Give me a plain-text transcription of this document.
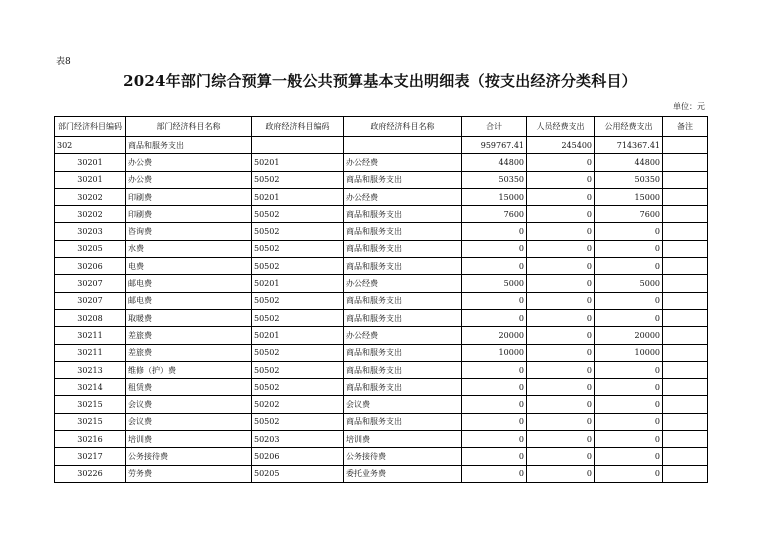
表8
2024年部门综合预算一般公共预算基本支出明细表（按支出经济分类科目）
单位：元
部门经济科目编码	部门经济科目名称	政府经济科目编码	政府经济科目名称	合计	人员经费支出	公用经费支出	备注
302	商品和服务支出			959767.41	245400	714367.41	
30201	办公费	50201	办公经费	44800	0	44800	
30201	办公费	50502	商品和服务支出	50350	0	50350	
30202	印刷费	50201	办公经费	15000	0	15000	
30202	印刷费	50502	商品和服务支出	7600	0	7600	
30203	咨询费	50502	商品和服务支出	0	0	0	
30205	水费	50502	商品和服务支出	0	0	0	
30206	电费	50502	商品和服务支出	0	0	0	
30207	邮电费	50201	办公经费	5000	0	5000	
30207	邮电费	50502	商品和服务支出	0	0	0	
30208	取暖费	50502	商品和服务支出	0	0	0	
30211	差旅费	50201	办公经费	20000	0	20000	
30211	差旅费	50502	商品和服务支出	10000	0	10000	
30213	维修（护）费	50502	商品和服务支出	0	0	0	
30214	租赁费	50502	商品和服务支出	0	0	0	
30215	会议费	50202	会议费	0	0	0	
30215	会议费	50502	商品和服务支出	0	0	0	
30216	培训费	50203	培训费	0	0	0	
30217	公务接待费	50206	公务接待费	0	0	0	
30226	劳务费	50205	委托业务费	0	0	0	
